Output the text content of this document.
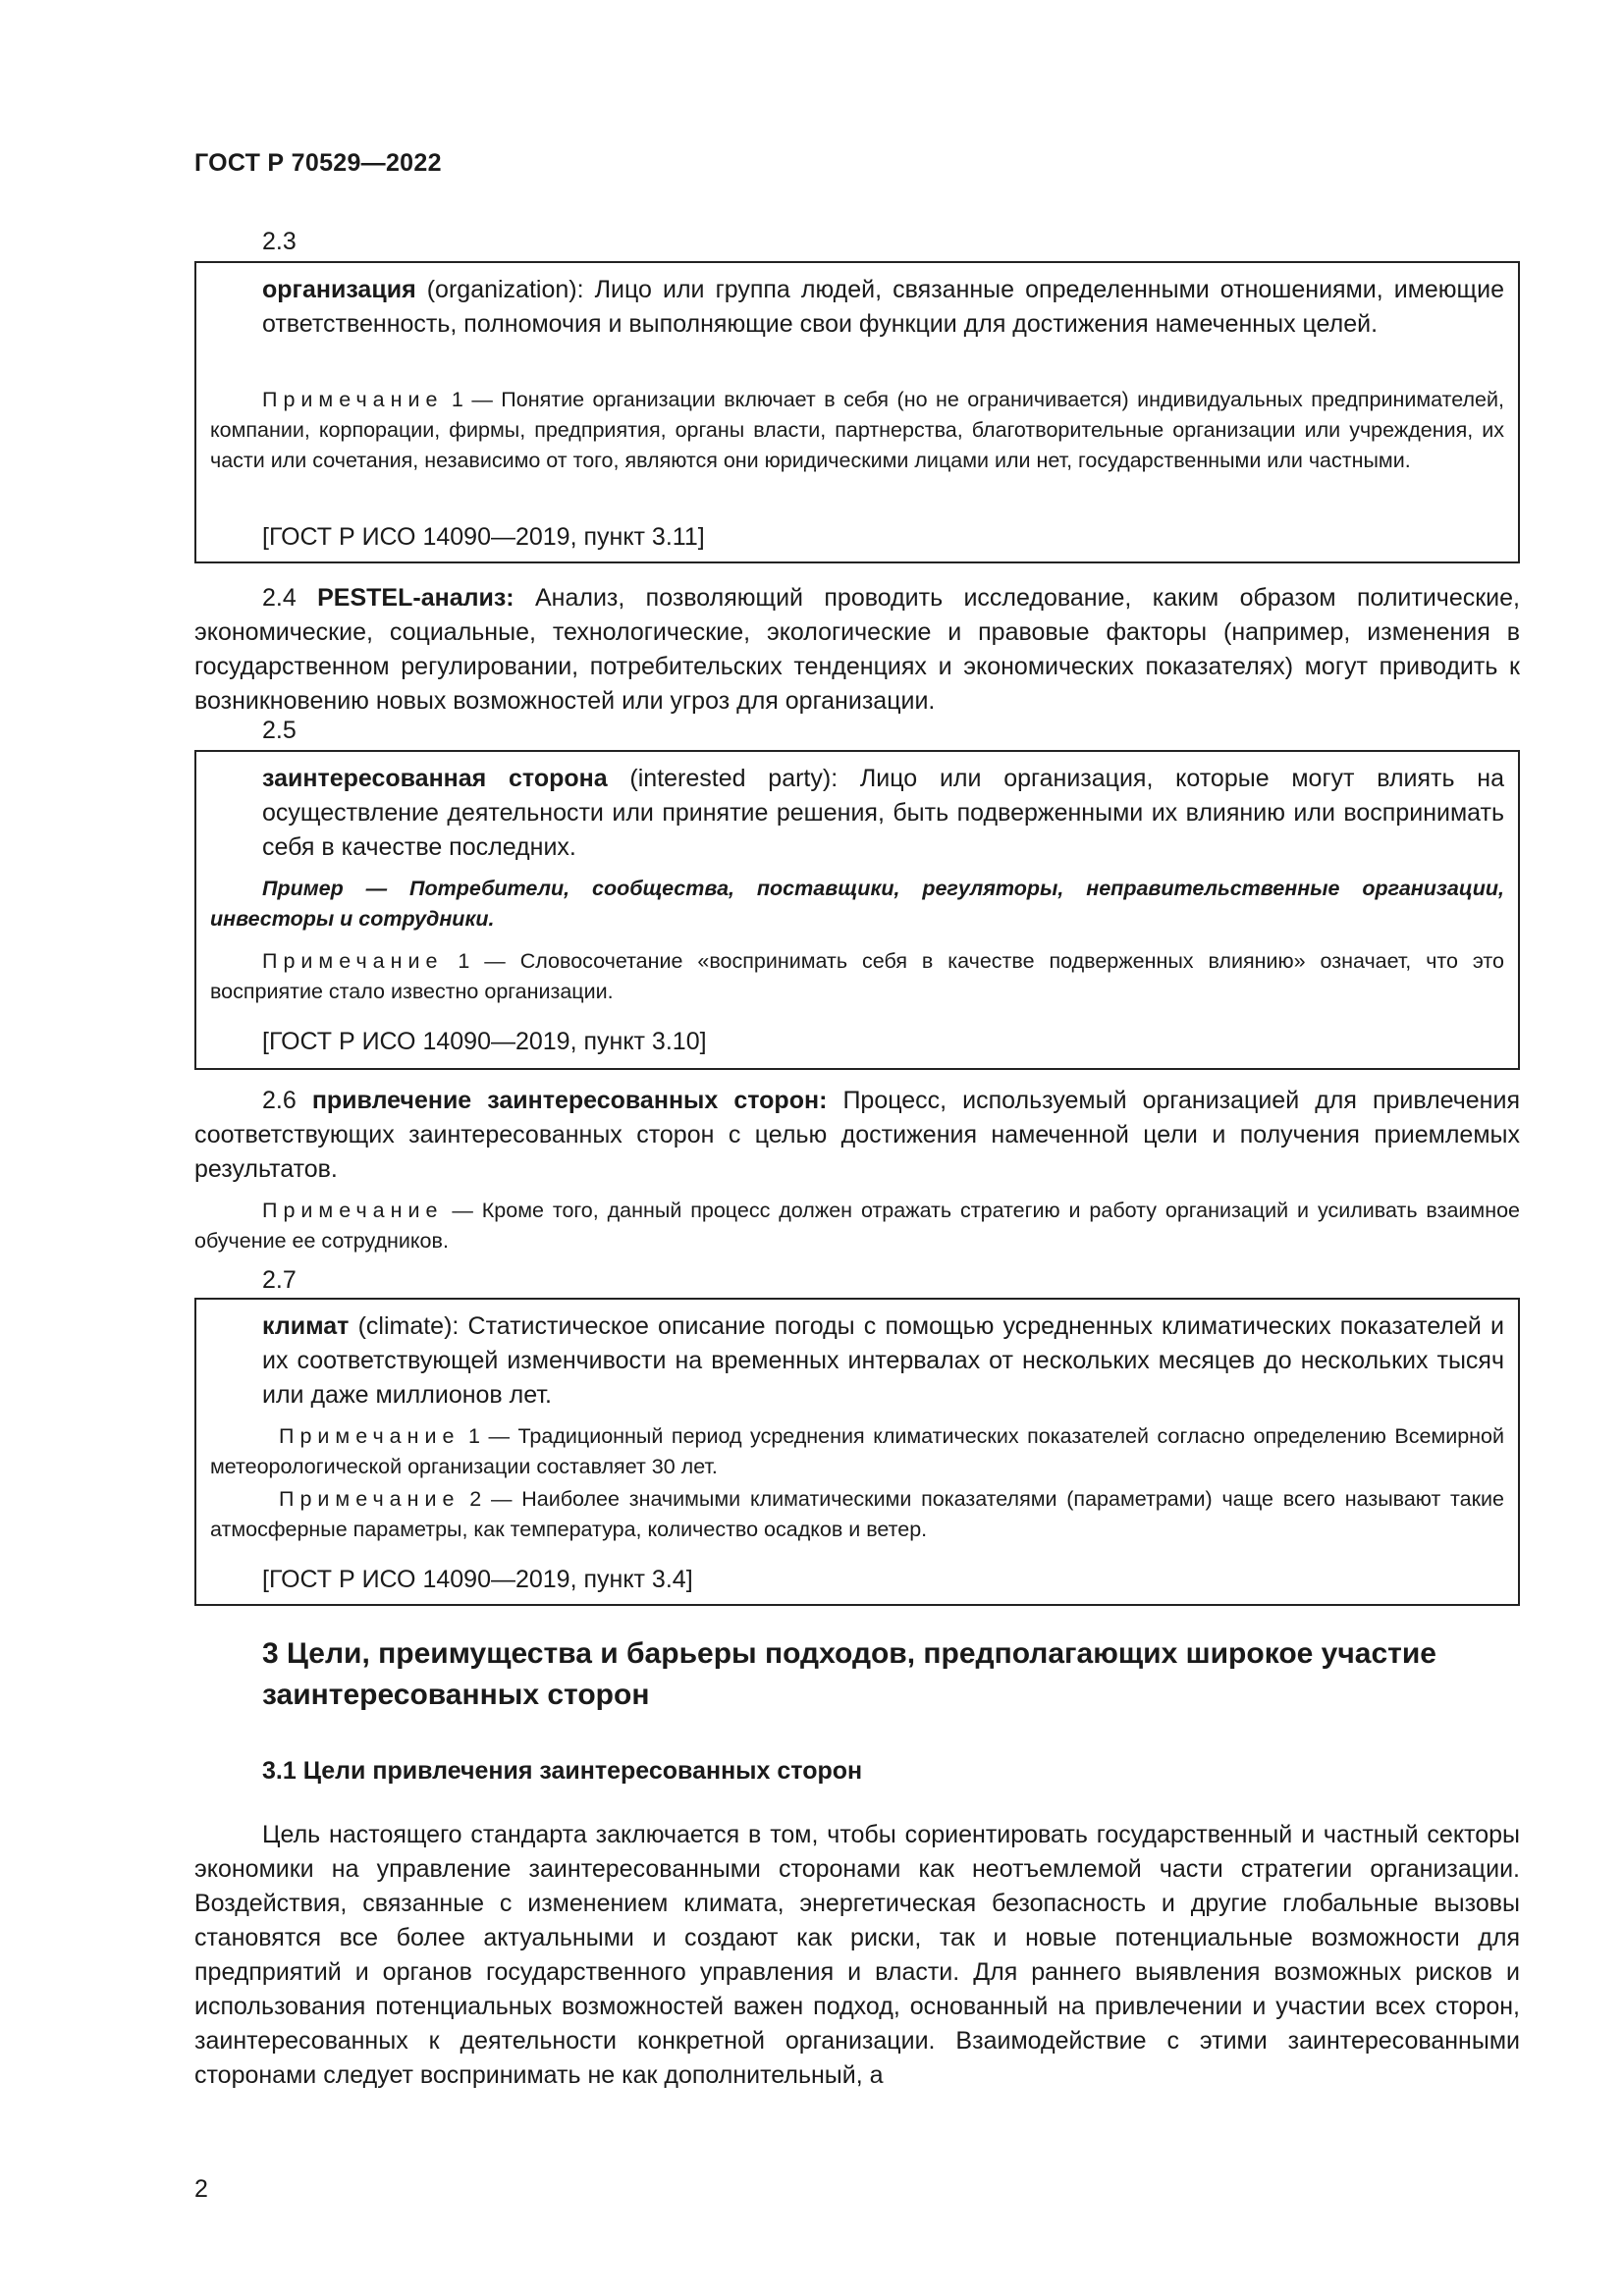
ГОСТ Р 70529—2022
2.3

организация (organization): Лицо или группа людей, связанные определенными отношениями, имеющие ответственность, полномочия и выполняющие свои функции для достижения намеченных целей.

Примечание 1 — Понятие организации включает в себя (но не ограничивается) индивидуальных предпринимателей, компании, корпорации, фирмы, предприятия, органы власти, партнерства, благотворительные организации или учреждения, их части или сочетания, независимо от того, являются они юридическими лицами или нет, государственными или частными.

[ГОСТ Р ИСО 14090—2019, пункт 3.11]

2.4 PESTEL-анализ: Анализ, позволяющий проводить исследование, каким образом политические, экономические, социальные, технологические, экологические и правовые факторы (например, изменения в государственном регулировании, потребительских тенденциях и экономических показателях) могут приводить к возникновению новых возможностей или угроз для организации.

2.5

заинтересованная сторона (interested party): Лицо или организация, которые могут влиять на осуществление деятельности или принятие решения, быть подверженными их влиянию или воспринимать себя в качестве последних.

Пример — Потребители, сообщества, поставщики, регуляторы, неправительственные организации, инвесторы и сотрудники.

Примечание 1 — Словосочетание «воспринимать себя в качестве подверженных влиянию» означает, что это восприятие стало известно организации.

[ГОСТ Р ИСО 14090—2019, пункт 3.10]

2.6 привлечение заинтересованных сторон: Процесс, используемый организацией для привлечения соответствующих заинтересованных сторон с целью достижения намеченной цели и получения приемлемых результатов.

Примечание — Кроме того, данный процесс должен отражать стратегию и работу организаций и усиливать взаимное обучение ее сотрудников.

2.7

климат (climate): Статистическое описание погоды с помощью усредненных климатических показателей и их соответствующей изменчивости на временных интервалах от нескольких месяцев до нескольких тысяч или даже миллионов лет.

Примечание 1 — Традиционный период усреднения климатических показателей согласно определению Всемирной метеорологической организации составляет 30 лет.

Примечание 2 — Наиболее значимыми климатическими показателями (параметрами) чаще всего называют такие атмосферные параметры, как температура, количество осадков и ветер.

[ГОСТ Р ИСО 14090—2019, пункт 3.4]

3 Цели, преимущества и барьеры подходов, предполагающих широкое участие заинтересованных сторон
3.1 Цели привлечения заинтересованных сторон

Цель настоящего стандарта заключается в том, чтобы сориентировать государственный и частный секторы экономики на управление заинтересованными сторонами как неотъемлемой части стратегии организации. Воздействия, связанные с изменением климата, энергетическая безопасность и другие глобальные вызовы становятся все более актуальными и создают как риски, так и новые потенциальные возможности для предприятий и органов государственного управления и власти. Для раннего выявления возможных рисков и использования потенциальных возможностей важен подход, основанный на привлечении и участии всех сторон, заинтересованных к деятельности конкретной организации. Взаимодействие с этими заинтересованными сторонами следует воспринимать не как дополнительный, а

2
